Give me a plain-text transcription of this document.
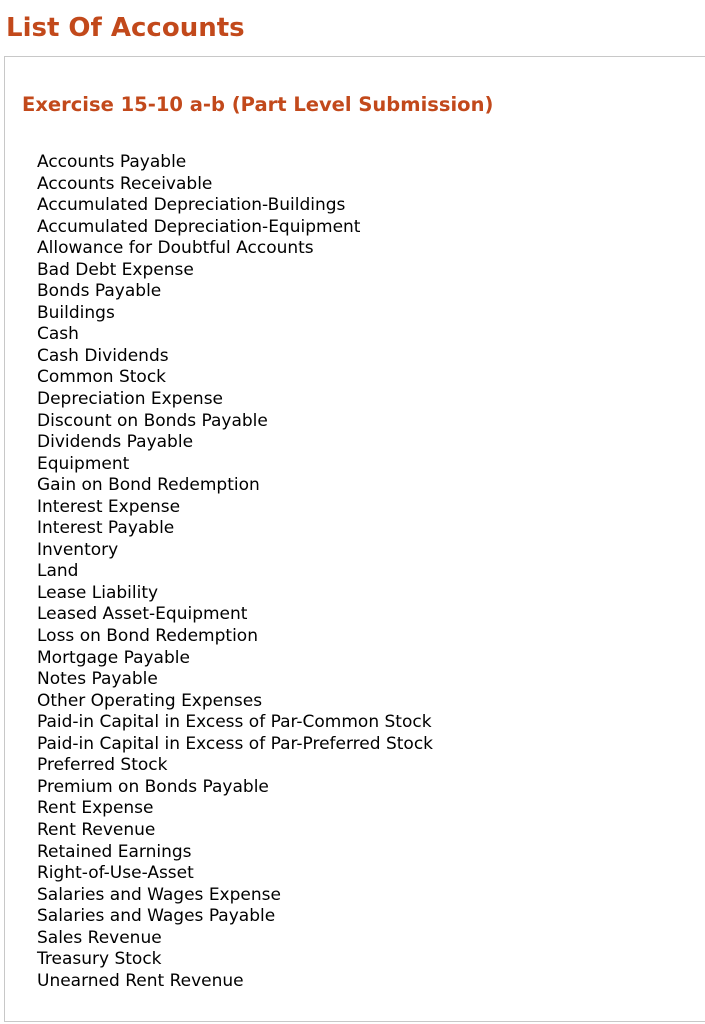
List Of Accounts
Exercise 15-10 a-b (Part Level Submission)
Accounts Payable
Accounts Receivable
Accumulated Depreciation-Buildings
Accumulated Depreciation-Equipment
Allowance for Doubtful Accounts
Bad Debt Expense
Bonds Payable
Buildings
Cash
Cash Dividends
Common Stock
Depreciation Expense
Discount on Bonds Payable
Dividends Payable
Equipment
Gain on Bond Redemption
Interest Expense
Interest Payable
Inventory
Land
Lease Liability
Leased Asset-Equipment
Loss on Bond Redemption
Mortgage Payable
Notes Payable
Other Operating Expenses
Paid-in Capital in Excess of Par-Common Stock
Paid-in Capital in Excess of Par-Preferred Stock
Preferred Stock
Premium on Bonds Payable
Rent Expense
Rent Revenue
Retained Earnings
Right-of-Use-Asset
Salaries and Wages Expense
Salaries and Wages Payable
Sales Revenue
Treasury Stock
Unearned Rent Revenue
